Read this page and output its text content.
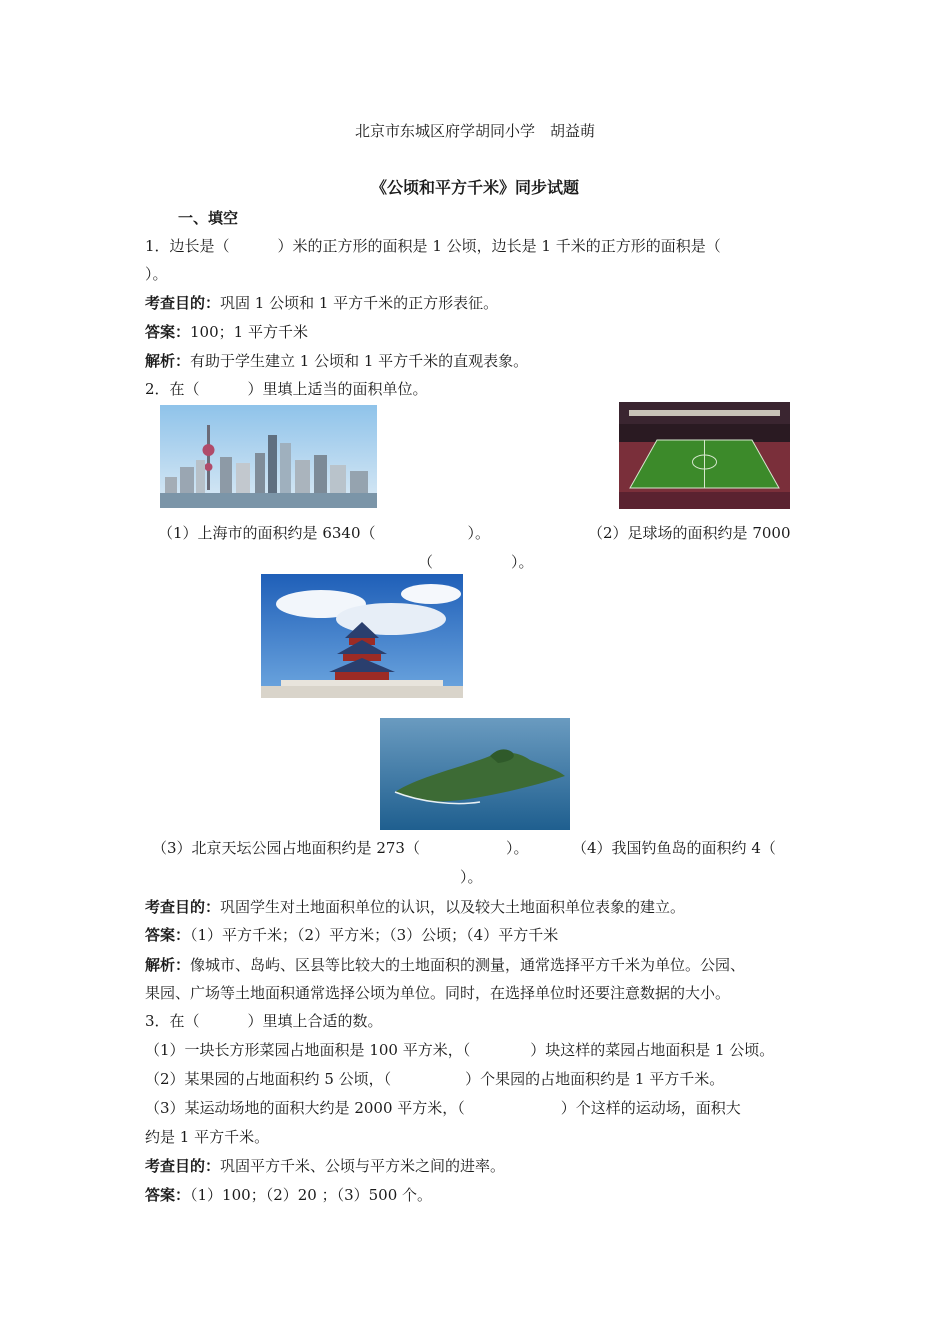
北京市东城区府学胡同小学　胡益萌
《公顷和平方千米》同步试题
一、填空
1．边长是（	）米的正方形的面积是 1 公顷，边长是 1 千米的正方形的面积是（
）。
考查目的：巩固 1 公顷和 1 平方千米的正方形表征。
答案：100；1 平方千米
解析：有助于学生建立 1 公顷和 1 平方千米的直观表象。
2．在（	）里填上适当的面积单位。
（1）上海市的面积约是 6340（	）。	（2）足球场的面积约是 7000
（	）。
（3）北京天坛公园占地面积约是 273（	）。	（4）我国钓鱼岛的面积约 4（
）。
考查目的：巩固学生对土地面积单位的认识，以及较大土地面积单位表象的建立。
答案：（1）平方千米；（2）平方米；（3）公顷；（4）平方千米
解析：像城市、岛屿、区县等比较大的土地面积的测量，通常选择平方千米为单位。公园、
果园、广场等土地面积通常选择公顷为单位。同时，在选择单位时还要注意数据的大小。
3．在（	）里填上合适的数。
（1）一块长方形菜园占地面积是 100 平方米，（	）块这样的菜园占地面积是 1 公顷。
（2）某果园的占地面积约 5 公顷，（	）个果园的占地面积约是 1 平方千米。
（3）某运动场地的面积大约是 2000 平方米，（	）个这样的运动场，面积大
约是 1 平方千米。
考查目的：巩固平方千米、公顷与平方米之间的进率。
答案：（1）100；（2）20 ；（3）500 个。
